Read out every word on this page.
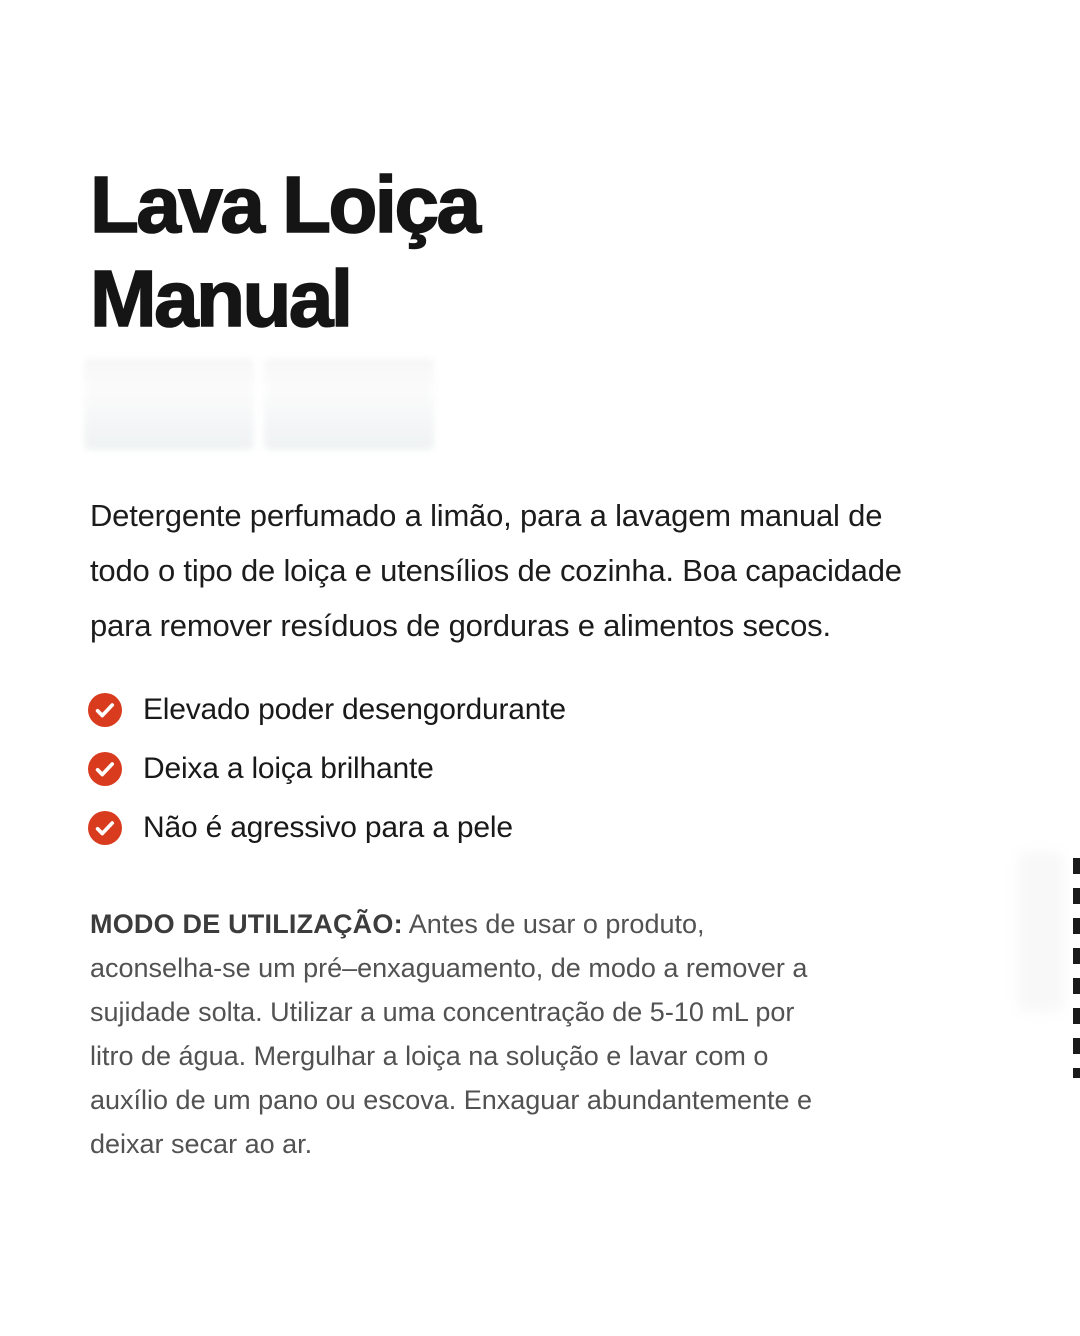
Lava Loiça
Manual
Detergente perfumado a limão, para a lavagem manual de
todo o tipo de loiça e utensílios de cozinha. Boa capacidade
para remover resíduos de gorduras e alimentos secos.
Elevado poder desengordurante
Deixa a loiça brilhante
Não é agressivo para a pele
MODO DE UTILIZAÇÃO: Antes de usar o produto,
aconselha-se um pré–enxaguamento, de modo a remover a
sujidade solta. Utilizar a uma concentração de 5-10 mL por
litro de água. Mergulhar a loiça na solução e lavar com o
auxílio de um pano ou escova. Enxaguar abundantemente e
deixar secar ao ar.
